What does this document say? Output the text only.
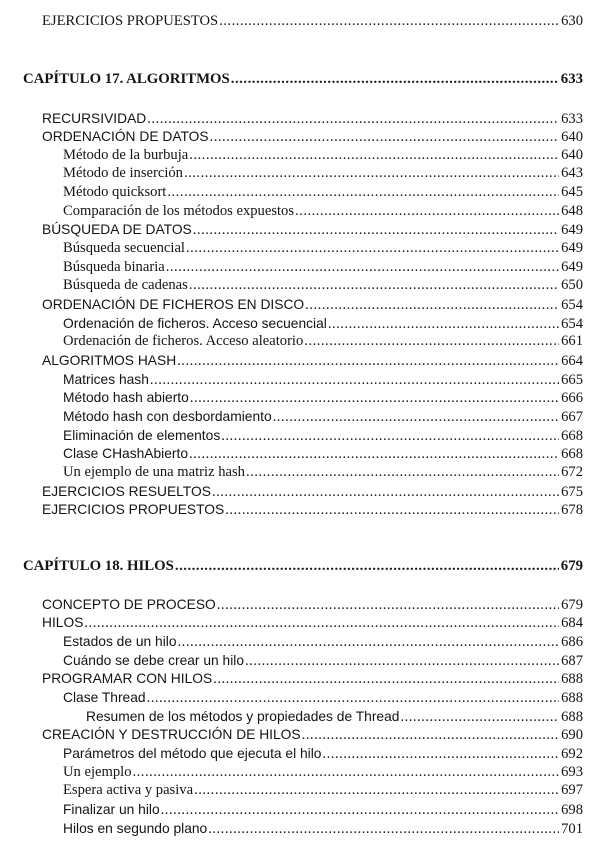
EJERCICIOS PROPUESTOS .....	630
CAPÍTULO 17. ALGORITMOS .....	633
RECURSIVIDAD .....	633
ORDENACIÓN DE DATOS .....	640
Método de la burbuja .....	640
Método de inserción .....	643
Método quicksort .....	645
Comparación de los métodos expuestos .....	648
BÚSQUEDA DE DATOS .....	649
Búsqueda secuencial .....	649
Búsqueda binaria .....	649
Búsqueda de cadenas .....	650
ORDENACIÓN DE FICHEROS EN DISCO .....	654
Ordenación de ficheros. Acceso secuencial .....	654
Ordenación de ficheros. Acceso aleatorio .....	661
ALGORITMOS HASH .....	664
Matrices hash .....	665
Método hash abierto .....	666
Método hash con desbordamiento .....	667
Eliminación de elementos .....	668
Clase CHashAbierto .....	668
Un ejemplo de una matriz hash .....	672
EJERCICIOS RESUELTOS .....	675
EJERCICIOS PROPUESTOS .....	678
CAPÍTULO 18. HILOS .....	679
CONCEPTO DE PROCESO .....	679
HILOS .....	684
Estados de un hilo .....	686
Cuándo se debe crear un hilo .....	687
PROGRAMAR CON HILOS .....	688
Clase Thread .....	688
Resumen de los métodos y propiedades de Thread .....	688
CREACIÓN Y DESTRUCCIÓN DE HILOS .....	690
Parámetros del método que ejecuta el hilo .....	692
Un ejemplo .....	693
Espera activa y pasiva .....	697
Finalizar un hilo .....	698
Hilos en segundo plano .....	701
